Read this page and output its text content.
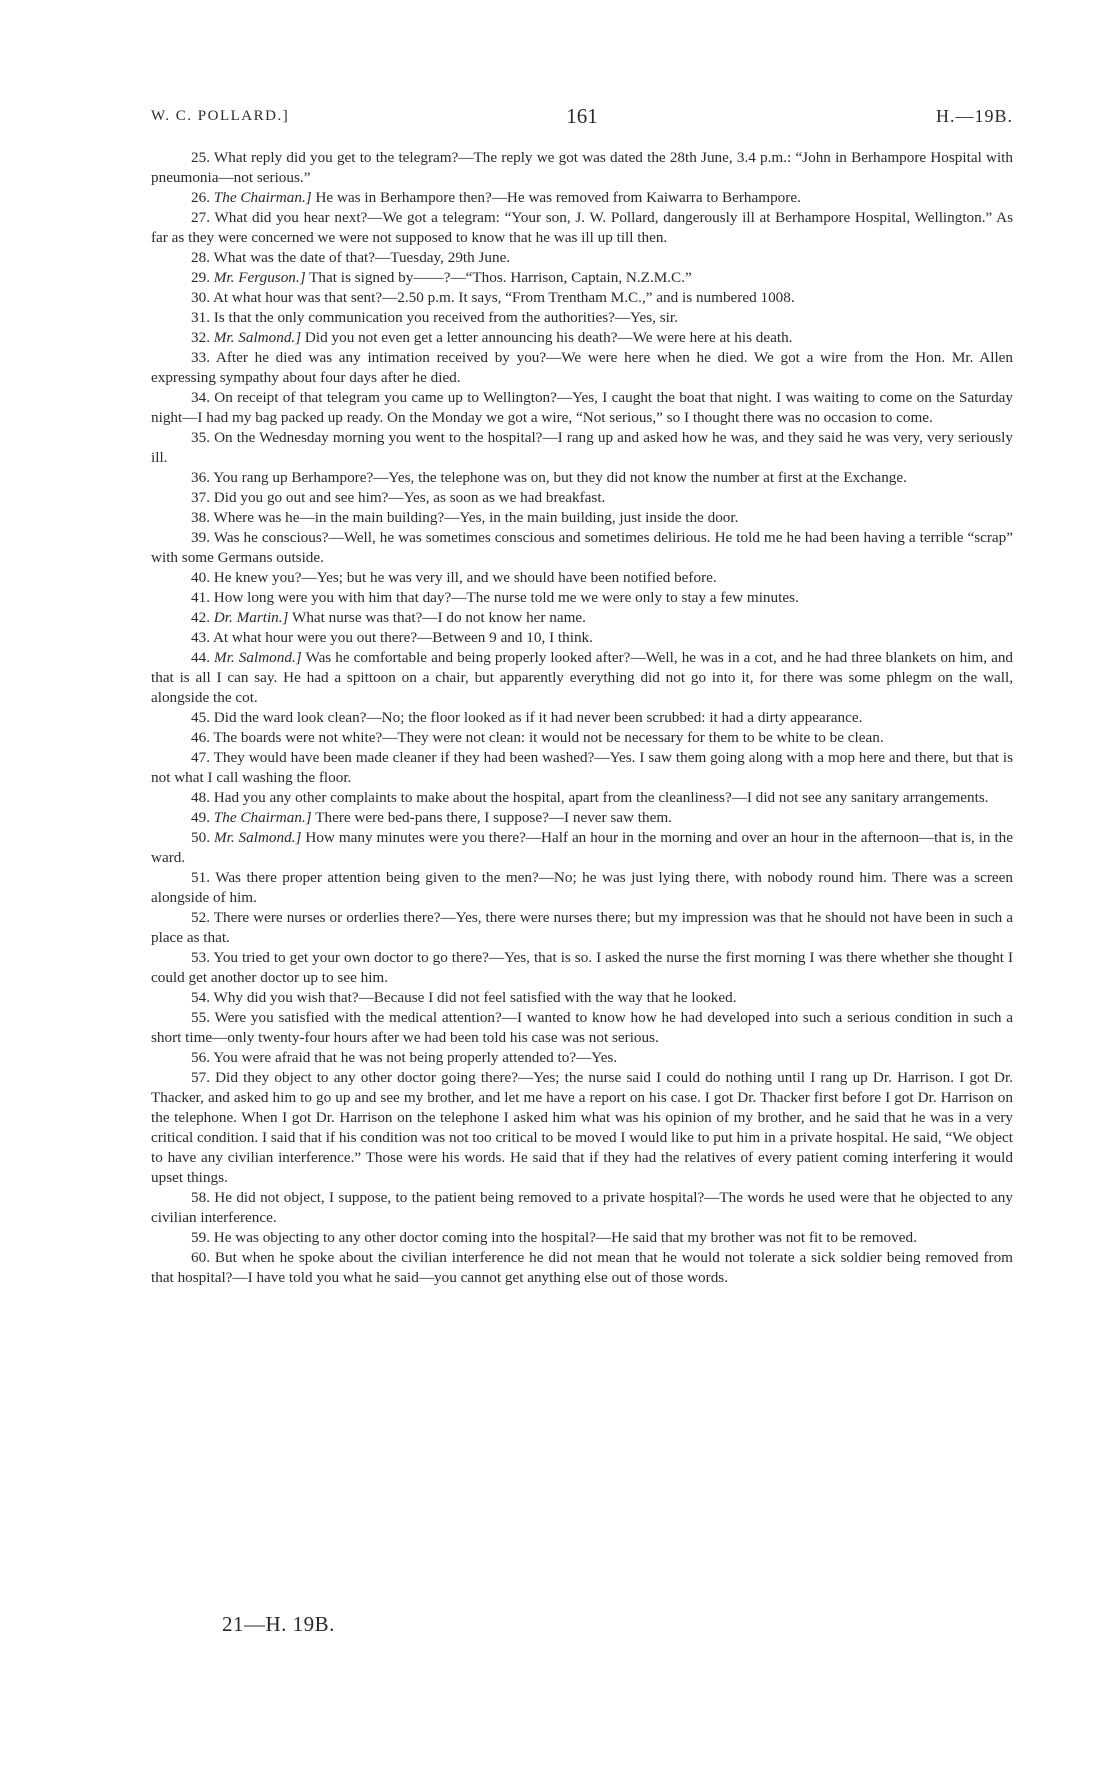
W. C. POLLARD.]	161	H.—19B.

25. What reply did you get to the telegram?—The reply we got was dated the 28th June, 3.4 p.m.: “John in Berhampore Hospital with pneumonia—not serious.”

26. The Chairman.] He was in Berhampore then?—He was removed from Kaiwarra to Berhampore.

27. What did you hear next?—We got a telegram: “Your son, J. W. Pollard, dangerously ill at Berhampore Hospital, Wellington.” As far as they were concerned we were not supposed to know that he was ill up till then.

28. What was the date of that?—Tuesday, 29th June.

29. Mr. Ferguson.] That is signed by——?—“Thos. Harrison, Captain, N.Z.M.C.”

30. At what hour was that sent?—2.50 p.m. It says, “From Trentham M.C.,” and is numbered 1008.

31. Is that the only communication you received from the authorities?—Yes, sir.

32. Mr. Salmond.] Did you not even get a letter announcing his death?—We were here at his death.

33. After he died was any intimation received by you?—We were here when he died. We got a wire from the Hon. Mr. Allen expressing sympathy about four days after he died.

34. On receipt of that telegram you came up to Wellington?—Yes, I caught the boat that night. I was waiting to come on the Saturday night—I had my bag packed up ready. On the Monday we got a wire, “Not serious,” so I thought there was no occasion to come.

35. On the Wednesday morning you went to the hospital?—I rang up and asked how he was, and they said he was very, very seriously ill.

36. You rang up Berhampore?—Yes, the telephone was on, but they did not know the number at first at the Exchange.

37. Did you go out and see him?—Yes, as soon as we had breakfast.

38. Where was he—in the main building?—Yes, in the main building, just inside the door.

39. Was he conscious?—Well, he was sometimes conscious and sometimes delirious. He told me he had been having a terrible “scrap” with some Germans outside.

40. He knew you?—Yes; but he was very ill, and we should have been notified before.

41. How long were you with him that day?—The nurse told me we were only to stay a few minutes.

42. Dr. Martin.] What nurse was that?—I do not know her name.

43. At what hour were you out there?—Between 9 and 10, I think.

44. Mr. Salmond.] Was he comfortable and being properly looked after?—Well, he was in a cot, and he had three blankets on him, and that is all I can say. He had a spittoon on a chair, but apparently everything did not go into it, for there was some phlegm on the wall, alongside the cot.

45. Did the ward look clean?—No; the floor looked as if it had never been scrubbed: it had a dirty appearance.

46. The boards were not white?—They were not clean: it would not be necessary for them to be white to be clean.

47. They would have been made cleaner if they had been washed?—Yes. I saw them going along with a mop here and there, but that is not what I call washing the floor.

48. Had you any other complaints to make about the hospital, apart from the cleanliness?—I did not see any sanitary arrangements.

49. The Chairman.] There were bed-pans there, I suppose?—I never saw them.

50. Mr. Salmond.] How many minutes were you there?—Half an hour in the morning and over an hour in the afternoon—that is, in the ward.

51. Was there proper attention being given to the men?—No; he was just lying there, with nobody round him. There was a screen alongside of him.

52. There were nurses or orderlies there?—Yes, there were nurses there; but my impression was that he should not have been in such a place as that.

53. You tried to get your own doctor to go there?—Yes, that is so. I asked the nurse the first morning I was there whether she thought I could get another doctor up to see him.

54. Why did you wish that?—Because I did not feel satisfied with the way that he looked.

55. Were you satisfied with the medical attention?—I wanted to know how he had developed into such a serious condition in such a short time—only twenty-four hours after we had been told his case was not serious.

56. You were afraid that he was not being properly attended to?—Yes.

57. Did they object to any other doctor going there?—Yes; the nurse said I could do nothing until I rang up Dr. Harrison. I got Dr. Thacker, and asked him to go up and see my brother, and let me have a report on his case. I got Dr. Thacker first before I got Dr. Harrison on the telephone. When I got Dr. Harrison on the telephone I asked him what was his opinion of my brother, and he said that he was in a very critical condition. I said that if his condition was not too critical to be moved I would like to put him in a private hospital. He said, “We object to have any civilian interference.” Those were his words. He said that if they had the relatives of every patient coming interfering it would upset things.

58. He did not object, I suppose, to the patient being removed to a private hospital?—The words he used were that he objected to any civilian interference.

59. He was objecting to any other doctor coming into the hospital?—He said that my brother was not fit to be removed.

60. But when he spoke about the civilian interference he did not mean that he would not tolerate a sick soldier being removed from that hospital?—I have told you what he said—you cannot get anything else out of those words.

21—H. 19B.
